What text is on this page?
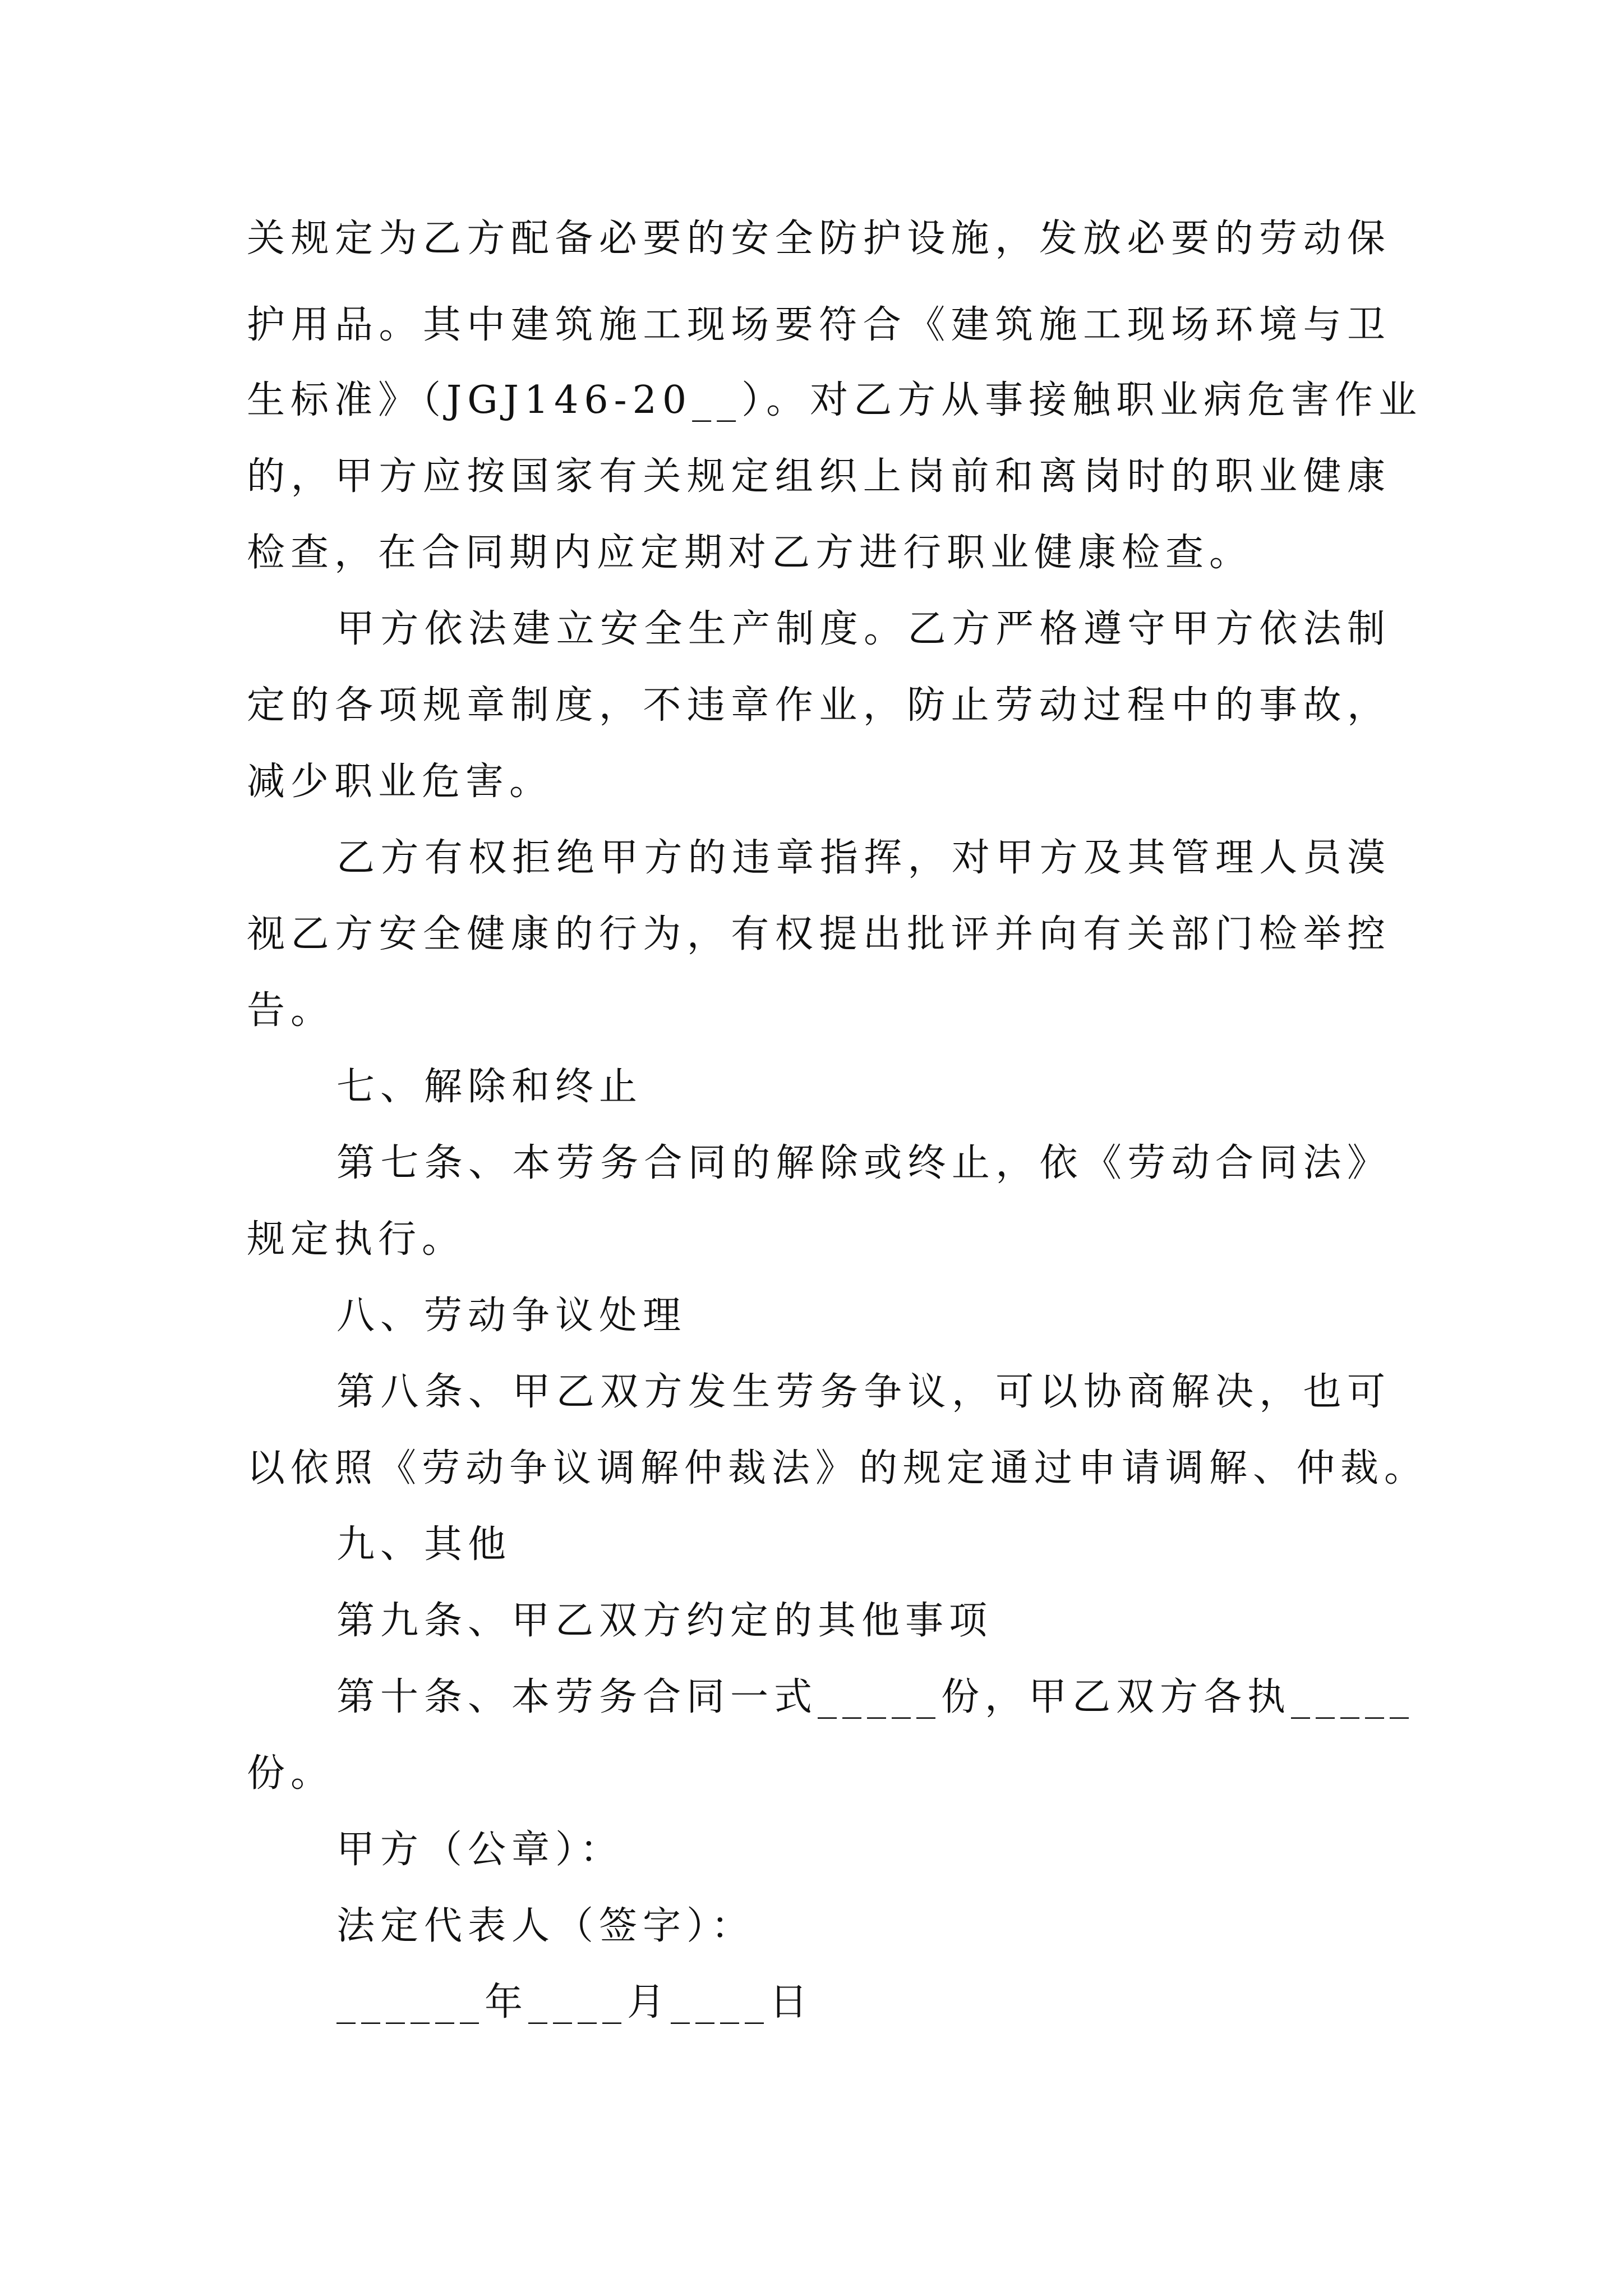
关规定为乙方配备必要的安全防护设施，发放必要的劳动保
护用品。其中建筑施工现场要符合《建筑施工现场环境与卫
生标准》（JGJ146-20__）。对乙方从事接触职业病危害作业
的，甲方应按国家有关规定组织上岗前和离岗时的职业健康
检查，在合同期内应定期对乙方进行职业健康检查。
甲方依法建立安全生产制度。乙方严格遵守甲方依法制
定的各项规章制度，不违章作业，防止劳动过程中的事故，
减少职业危害。
乙方有权拒绝甲方的违章指挥，对甲方及其管理人员漠
视乙方安全健康的行为，有权提出批评并向有关部门检举控
告。
七、解除和终止
第七条、本劳务合同的解除或终止，依《劳动合同法》
规定执行。
八、劳动争议处理
第八条、甲乙双方发生劳务争议，可以协商解决，也可
以依照《劳动争议调解仲裁法》的规定通过申请调解、仲裁。
九、其他
第九条、甲乙双方约定的其他事项
第十条、本劳务合同一式_____份，甲乙双方各执_____
份。
甲方（公章）：
法定代表人（签字）：
______年____月____日
